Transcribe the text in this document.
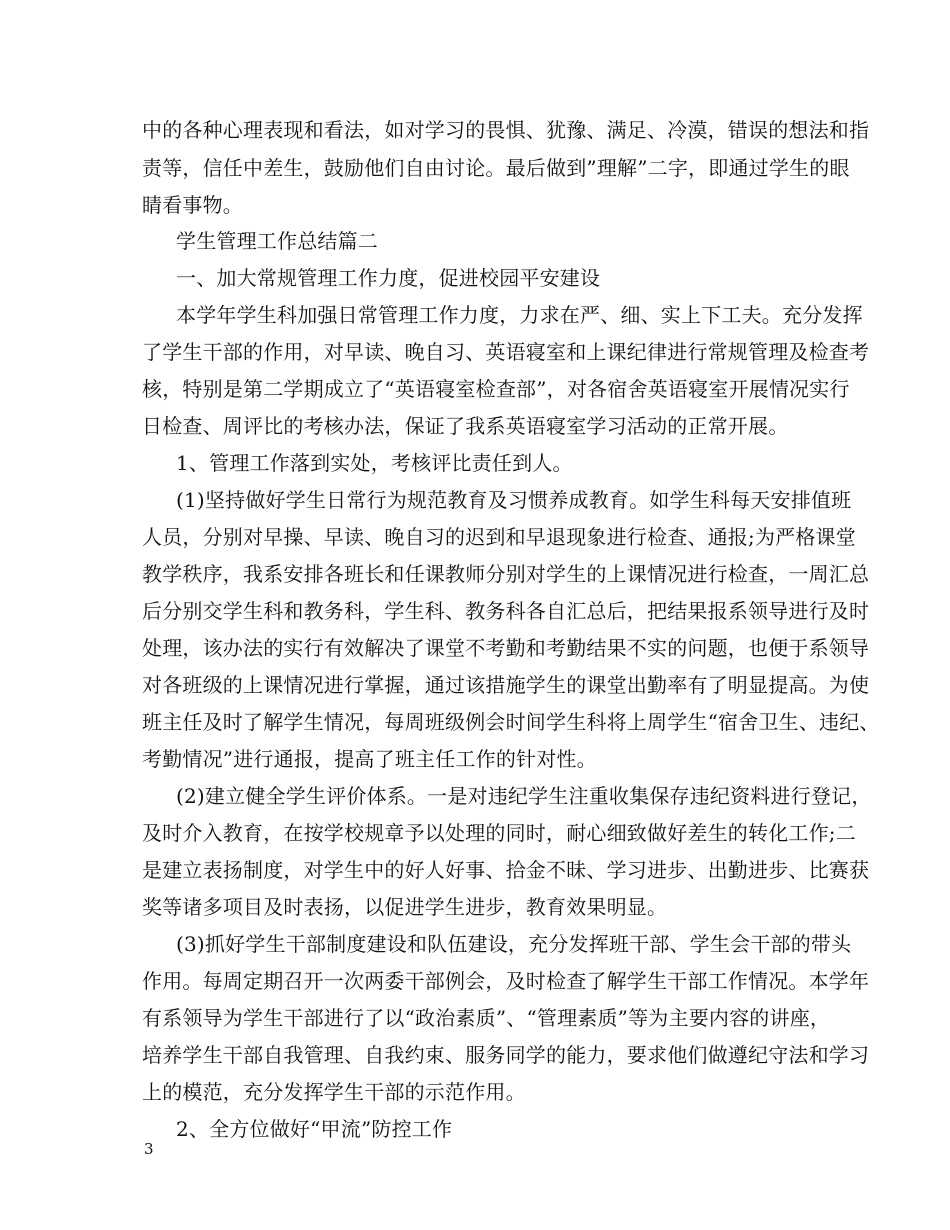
中的各种心理表现和看法，如对学习的畏惧、犹豫、满足、冷漠，错误的想法和指
责等，信任中差生，鼓励他们自由讨论。最后做到”理解”二字，即通过学生的眼
睛看事物。
学生管理工作总结篇二
一、加大常规管理工作力度，促进校园平安建设
本学年学生科加强日常管理工作力度，力求在严、细、实上下工夫。充分发挥
了学生干部的作用，对早读、晚自习、英语寝室和上课纪律进行常规管理及检查考
核，特别是第二学期成立了“英语寝室检查部”，对各宿舍英语寝室开展情况实行
日检查、周评比的考核办法，保证了我系英语寝室学习活动的正常开展。
1、管理工作落到实处，考核评比责任到人。
(1)坚持做好学生日常行为规范教育及习惯养成教育。如学生科每天安排值班
人员，分别对早操、早读、晚自习的迟到和早退现象进行检查、通报;为严格课堂
教学秩序，我系安排各班长和任课教师分别对学生的上课情况进行检查，一周汇总
后分别交学生科和教务科，学生科、教务科各自汇总后，把结果报系领导进行及时
处理，该办法的实行有效解决了课堂不考勤和考勤结果不实的问题，也便于系领导
对各班级的上课情况进行掌握，通过该措施学生的课堂出勤率有了明显提高。为使
班主任及时了解学生情况，每周班级例会时间学生科将上周学生“宿舍卫生、违纪、
考勤情况”进行通报，提高了班主任工作的针对性。
(2)建立健全学生评价体系。一是对违纪学生注重收集保存违纪资料进行登记，
及时介入教育，在按学校规章予以处理的同时，耐心细致做好差生的转化工作;二
是建立表扬制度，对学生中的好人好事、拾金不昧、学习进步、出勤进步、比赛获
奖等诸多项目及时表扬，以促进学生进步，教育效果明显。
(3)抓好学生干部制度建设和队伍建设，充分发挥班干部、学生会干部的带头
作用。每周定期召开一次两委干部例会，及时检查了解学生干部工作情况。本学年
有系领导为学生干部进行了以“政治素质”、“管理素质”等为主要内容的讲座，
培养学生干部自我管理、自我约束、服务同学的能力，要求他们做遵纪守法和学习
上的模范，充分发挥学生干部的示范作用。
2、全方位做好“甲流”防控工作
3
